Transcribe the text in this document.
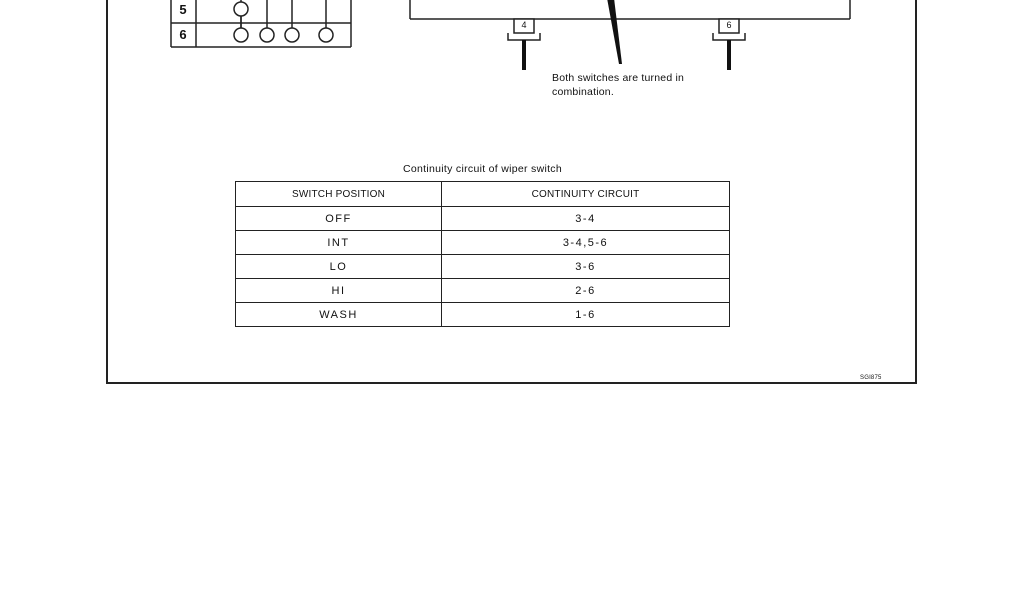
5
6
4	6
Both switches are turned in
combination.
Continuity circuit of wiper switch
SWITCH POSITION	CONTINUITY CIRCUIT
OFF	3-4
INT	3-4,5-6
LO	3-6
HI	2-6
WASH	1-6
SGI875
